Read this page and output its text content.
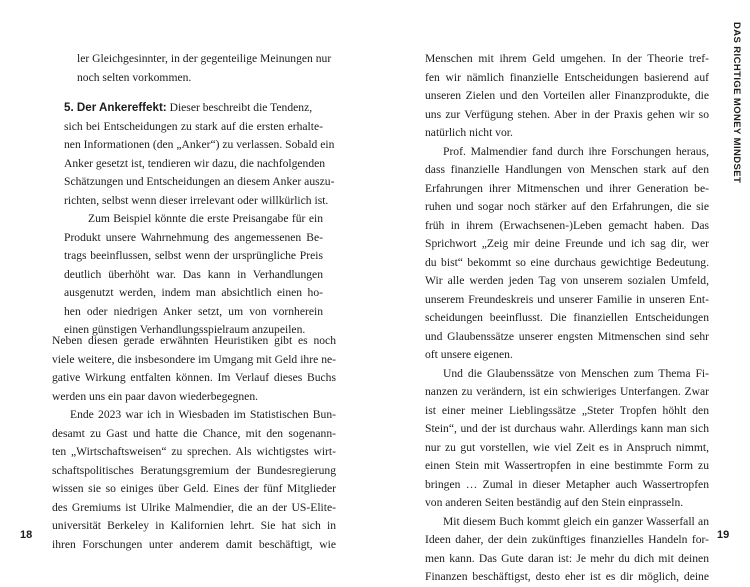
ler Gleichgesinnter, in der gegenteilige Meinungen nur
noch selten vorkommen.
5. Der Ankereffekt: Dieser beschreibt die Tendenz,
sich bei Entscheidungen zu stark auf die ersten erhalte-
nen Informationen (den „Anker“) zu verlassen. Sobald ein
Anker gesetzt ist, tendieren wir dazu, die nachfolgenden
Schätzungen und Entscheidungen an diesem Anker auszu-
richten, selbst wenn dieser irrelevant oder willkürlich ist.
Zum Beispiel könnte die erste Preisangabe für ein
Produkt unsere Wahrnehmung des angemessenen Be-
trags beeinflussen, selbst wenn der ursprüngliche Preis
deutlich überhöht war. Das kann in Verhandlungen
ausgenutzt werden, indem man absichtlich einen ho-
hen oder niedrigen Anker setzt, um von vornherein
einen günstigen Verhandlungsspielraum anzupeilen.
Neben diesen gerade erwähnten Heuristiken gibt es noch
viele weitere, die insbesondere im Umgang mit Geld ihre ne-
gative Wirkung entfalten können. Im Verlauf dieses Buchs
werden uns ein paar davon wiederbegegnen.
Ende 2023 war ich in Wiesbaden im Statistischen Bun-
desamt zu Gast und hatte die Chance, mit den sogenann-
ten „Wirtschaftsweisen“ zu sprechen. Als wichtigstes wirt-
schaftspolitisches Beratungsgremium der Bundesregierung
wissen sie so einiges über Geld. Eines der fünf Mitglieder
des Gremiums ist Ulrike Malmendier, die an der US-Elite-
universität Berkeley in Kalifornien lehrt. Sie hat sich in
ihren Forschungen unter anderem damit beschäftigt, wie
18
Menschen mit ihrem Geld umgehen. In der Theorie tref-
fen wir nämlich finanzielle Entscheidungen basierend auf
unseren Zielen und den Vorteilen aller Finanzprodukte, die
uns zur Verfügung stehen. Aber in der Praxis gehen wir so
natürlich nicht vor.
Prof. Malmendier fand durch ihre Forschungen heraus,
dass finanzielle Handlungen von Menschen stark auf den
Erfahrungen ihrer Mitmenschen und ihrer Generation be-
ruhen und sogar noch stärker auf den Erfahrungen, die sie
früh in ihrem (Erwachsenen-)Leben gemacht haben. Das
Sprichwort „Zeig mir deine Freunde und ich sag dir, wer
du bist“ bekommt so eine durchaus gewichtige Bedeutung.
Wir alle werden jeden Tag von unserem sozialen Umfeld,
unserem Freundeskreis und unserer Familie in unseren Ent-
scheidungen beeinflusst. Die finanziellen Entscheidungen
und Glaubenssätze unserer engsten Mitmenschen sind sehr
oft unsere eigenen.
Und die Glaubenssätze von Menschen zum Thema Fi-
nanzen zu verändern, ist ein schwieriges Unterfangen. Zwar
ist einer meiner Lieblingssätze „Steter Tropfen höhlt den
Stein“, und der ist durchaus wahr. Allerdings kann man sich
nur zu gut vorstellen, wie viel Zeit es in Anspruch nimmt,
einen Stein mit Wassertropfen in eine bestimmte Form zu
bringen … Zumal in dieser Metapher auch Wassertropfen
von anderen Seiten beständig auf den Stein einprasseln.
Mit diesem Buch kommt gleich ein ganzer Wasserfall an
Ideen daher, der dein zukünftiges finanzielles Handeln for-
men kann. Das Gute daran ist: Je mehr du dich mit deinen
Finanzen beschäftigst, desto eher ist es dir möglich, deine
19
DAS RICHTIGE MONEY MINDSET
